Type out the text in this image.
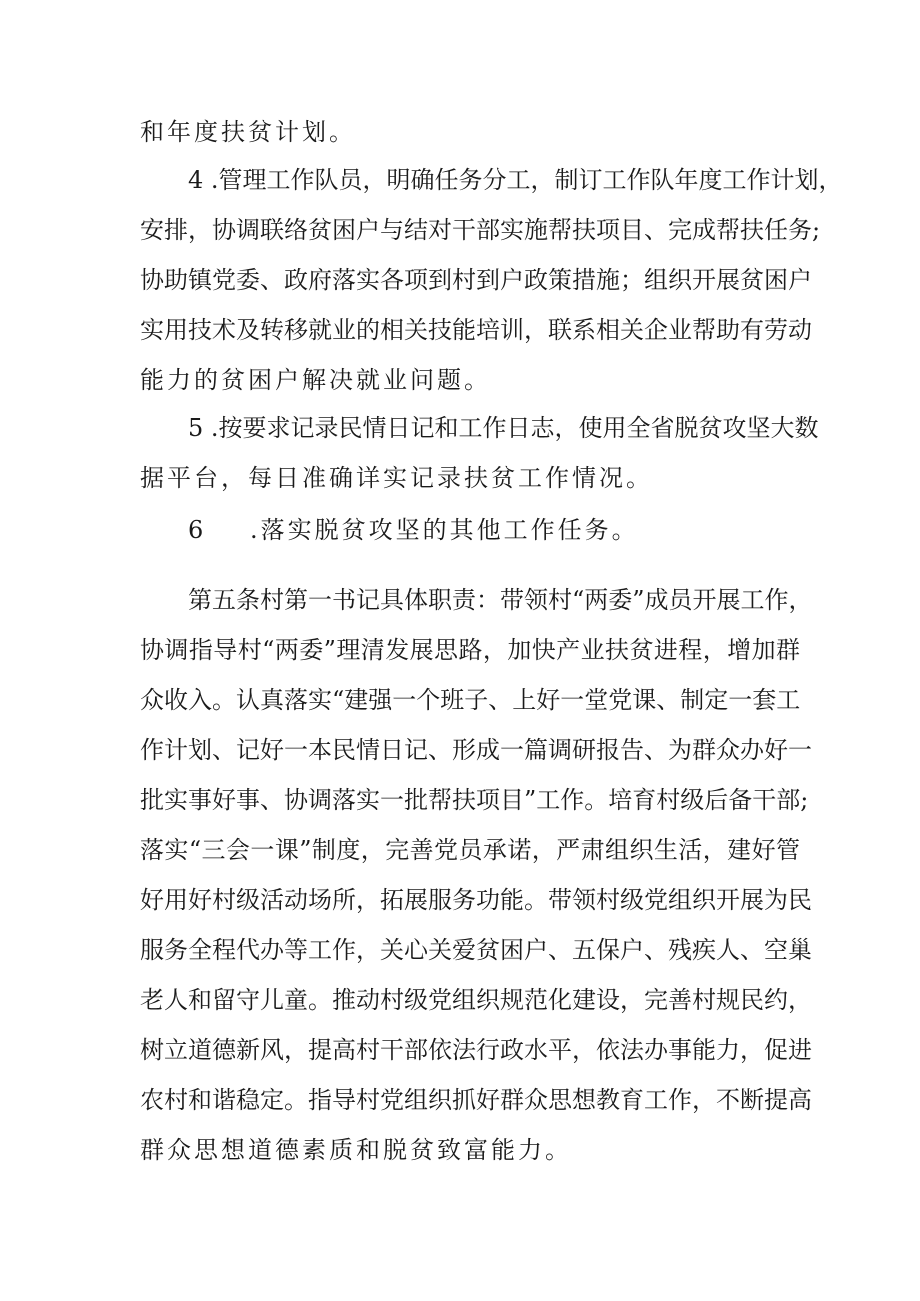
和年度扶贫计划。
4 .管理工作队员，明确任务分工，制订工作队年度工作计划，
安排，协调联络贫困户与结对干部实施帮扶项目、完成帮扶任务;
协助镇党委、政府落实各项到村到户政策措施；组织开展贫困户
实用技术及转移就业的相关技能培训，联系相关企业帮助有劳动
能力的贫困户解决就业问题。
5 .按要求记录民情日记和工作日志，使用全省脱贫攻坚大数
据平台，每日准确详实记录扶贫工作情况。
6 .落实脱贫攻坚的其他工作任务。
第五条村第一书记具体职责：带领村“两委”成员开展工作，
协调指导村“两委”理清发展思路，加快产业扶贫进程，增加群
众收入。认真落实“建强一个班子、上好一堂党课、制定一套工
作计划、记好一本民情日记、形成一篇调研报告、为群众办好一
批实事好事、协调落实一批帮扶项目”工作。培育村级后备干部;
落实“三会一课”制度，完善党员承诺，严肃组织生活，建好管
好用好村级活动场所，拓展服务功能。带领村级党组织开展为民
服务全程代办等工作，关心关爱贫困户、五保户、残疾人、空巢
老人和留守儿童。推动村级党组织规范化建设，完善村规民约，
树立道德新风，提高村干部依法行政水平，依法办事能力，促进
农村和谐稳定。指导村党组织抓好群众思想教育工作，不断提高
群众思想道德素质和脱贫致富能力。
